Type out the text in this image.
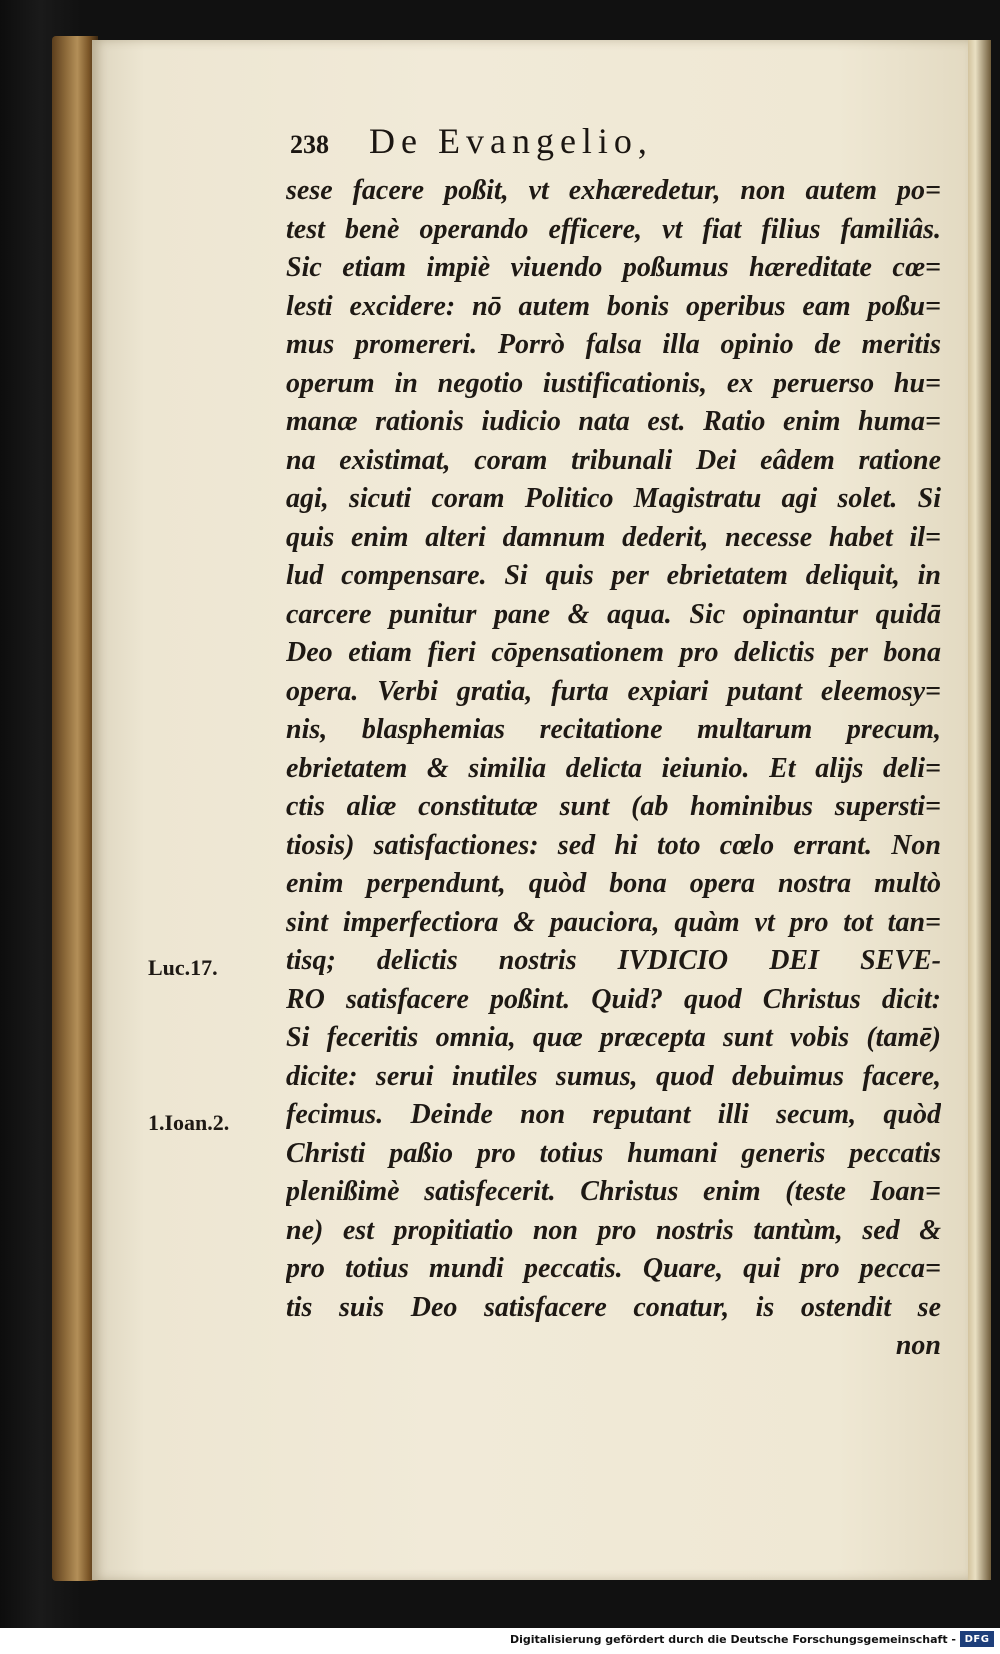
238 De Evangelio,
sese facere poßit, vt exhæredetur, non autem po=
test benè operando efficere, vt fiat filius familiâs.
Sic etiam impiè viuendo poßumus hæreditate cœ=
lesti excidere: nō autem bonis operibus eam poßu=
mus promereri. Porrò falsa illa opinio de meritis
operum in negotio iustificationis, ex peruerso hu=
manæ rationis iudicio nata est. Ratio enim huma=
na existimat, coram tribunali Dei eâdem ratione
agi, sicuti coram Politico Magistratu agi solet. Si
quis enim alteri damnum dederit, necesse habet il=
lud compensare. Si quis per ebrietatem deliquit, in
carcere punitur pane & aqua. Sic opinantur quidā
Deo etiam fieri cōpensationem pro delictis per bona
opera. Verbi gratia, furta expiari putant eleemosy=
nis, blasphemias recitatione multarum precum,
ebrietatem & similia delicta ieiunio. Et alijs deli=
ctis aliæ constitutæ sunt (ab hominibus supersti=
tiosis) satisfactiones: sed hi toto cœlo errant. Non
enim perpendunt, quòd bona opera nostra multò
sint imperfectiora & pauciora, quàm vt pro tot tan=
tisq; delictis nostris IVDICIO DEI SEVE-
RO satisfacere poßint. Quid? quod Christus dicit:
Si feceritis omnia, quæ præcepta sunt vobis (tamē)
dicite: serui inutiles sumus, quod debuimus facere,
fecimus. Deinde non reputant illi secum, quòd
Christi paßio pro totius humani generis peccatis
plenißimè satisfecerit. Christus enim (teste Ioan=
ne) est propitiatio non pro nostris tantùm, sed &
pro totius mundi peccatis. Quare, qui pro pecca=
tis suis Deo satisfacere conatur, is ostendit se
non
Luc.17.
1.Ioan.2.
Digitalisierung gefördert durch die Deutsche Forschungsgemeinschaft - DFG
